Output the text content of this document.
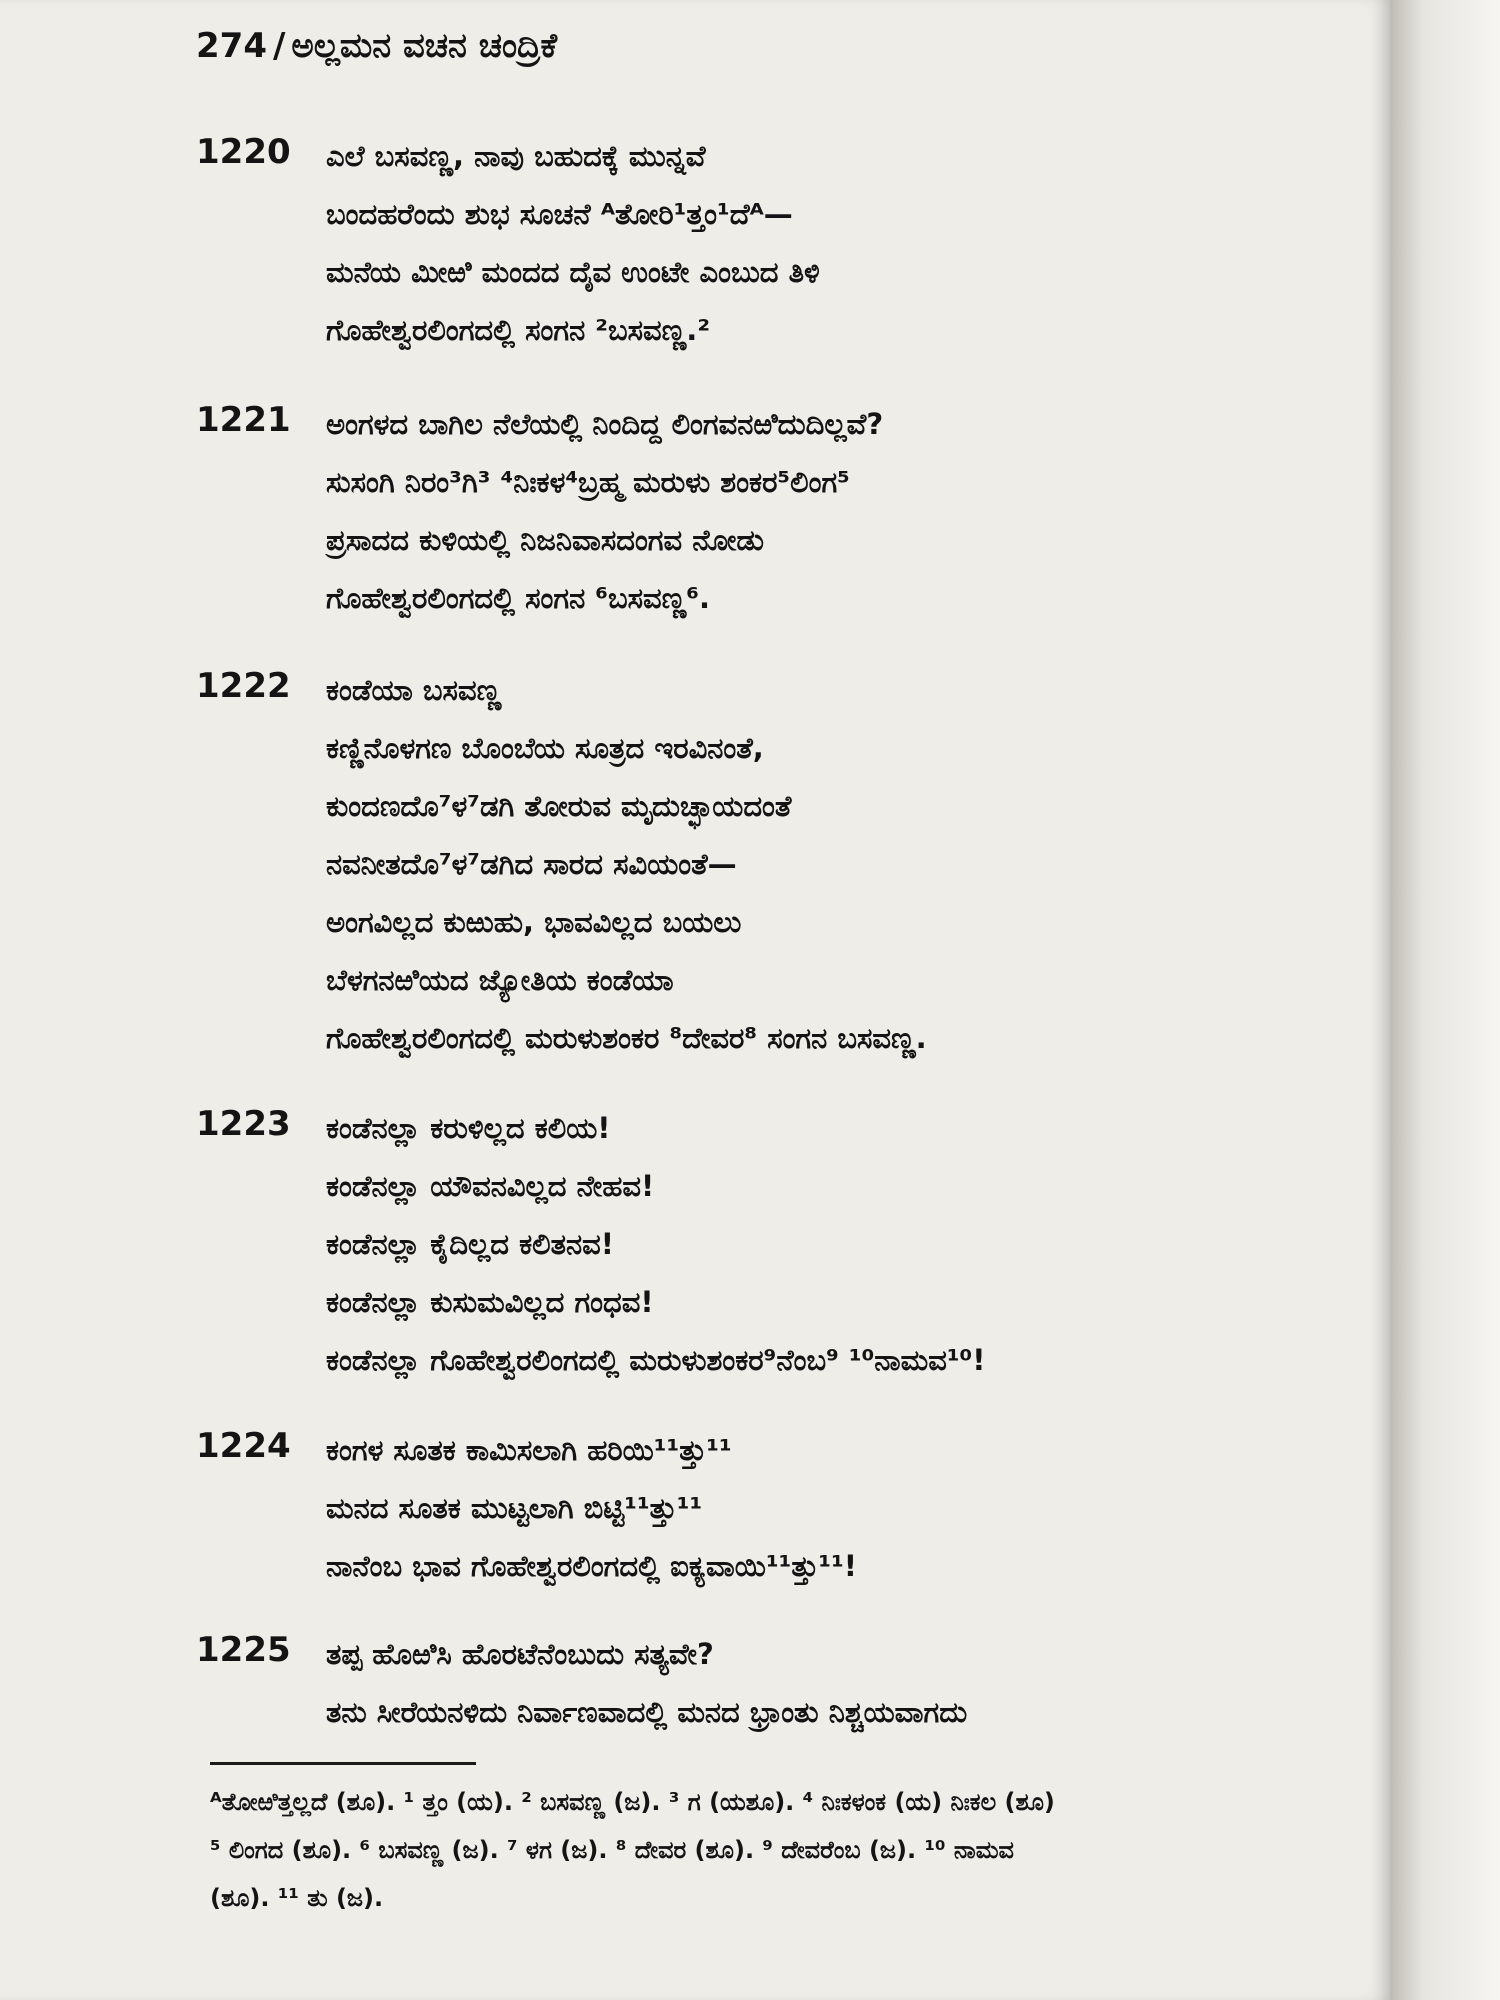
274 / ಅಲ್ಲಮನ ವಚನ ಚಂದ್ರಿಕೆ
1220	ಎಲೆ ಬಸವಣ್ಣ, ನಾವು ಬಹುದಕ್ಕೆ ಮುನ್ನವೆ
ಬಂದಹರೆಂದು ಶುಭ ಸೂಚನೆ ᴬತೋರಿ¹ತ್ತಂ¹ದೆᴬ—
ಮನೆಯ ಮೀಱಿ ಮಂದದ ದೈವ ಉಂಟೇ ಎಂಬುದ ತಿಳಿ
ಗೊಹೇಶ್ವರಲಿಂಗದಲ್ಲಿ ಸಂಗನ ²ಬಸವಣ್ಣ.²
1221	ಅಂಗಳದ ಬಾಗಿಲ ನೆಲೆಯಲ್ಲಿ ನಿಂದಿದ್ದ ಲಿಂಗವನಱಿದುದಿಲ್ಲವೆ?
ಸುಸಂಗಿ ನಿರಂ³ಗಿ³ ⁴ನಿಃಕಳ⁴ಬ್ರಹ್ಮ ಮರುಳು ಶಂಕರ⁵ಲಿಂಗ⁵
ಪ್ರಸಾದದ ಕುಳಿಯಲ್ಲಿ ನಿಜನಿವಾಸದಂಗವ ನೋಡು
ಗೊಹೇಶ್ವರಲಿಂಗದಲ್ಲಿ ಸಂಗನ ⁶ಬಸವಣ್ಣ⁶.
1222	ಕಂಡೆಯಾ ಬಸವಣ್ಣ
ಕಣ್ಣಿನೊಳಗಣ ಬೊಂಬೆಯ ಸೂತ್ರದ ಇರವಿನಂತೆ,
ಕುಂದಣದೊ⁷ಳ⁷ಡಗಿ ತೋರುವ ಮೃದುಚ್ಛಾಯದಂತೆ
ನವನೀತದೊ⁷ಳ⁷ಡಗಿದ ಸಾರದ ಸವಿಯಂತೆ—
ಅಂಗವಿಲ್ಲದ ಕುಱುಹು, ಭಾವವಿಲ್ಲದ ಬಯಲು
ಬೆಳಗನಱಿಯದ ಜ್ಯೋತಿಯ ಕಂಡೆಯಾ
ಗೊಹೇಶ್ವರಲಿಂಗದಲ್ಲಿ ಮರುಳುಶಂಕರ ⁸ದೇವರ⁸ ಸಂಗನ ಬಸವಣ್ಣ.
1223	ಕಂಡೆನಲ್ಲಾ ಕರುಳಿಲ್ಲದ ಕಲಿಯ!
ಕಂಡೆನಲ್ಲಾ ಯೌವನವಿಲ್ಲದ ನೇಹವ!
ಕಂಡೆನಲ್ಲಾ ಕೈದಿಲ್ಲದ ಕಲಿತನವ!
ಕಂಡೆನಲ್ಲಾ ಕುಸುಮವಿಲ್ಲದ ಗಂಧವ!
ಕಂಡೆನಲ್ಲಾ ಗೊಹೇಶ್ವರಲಿಂಗದಲ್ಲಿ ಮರುಳುಶಂಕರ⁹ನೆಂಬ⁹ ¹⁰ನಾಮವ¹⁰!
1224	ಕಂಗಳ ಸೂತಕ ಕಾಮಿಸಲಾಗಿ ಹರಿಯಿ¹¹ತ್ತು¹¹
ಮನದ ಸೂತಕ ಮುಟ್ಟಲಾಗಿ ಬಿಟ್ಟಿ¹¹ತ್ತು¹¹
ನಾನೆಂಬ ಭಾವ ಗೊಹೇಶ್ವರಲಿಂಗದಲ್ಲಿ ಐಕ್ಯವಾಯಿ¹¹ತ್ತು¹¹!
1225	ತಪ್ಪ ಹೊಱಿಸಿ ಹೊರಟೆನೆಂಬುದು ಸತ್ಯವೇ?
ತನು ಸೀರೆಯನಳಿದು ನಿರ್ವಾಣವಾದಲ್ಲಿ ಮನದ ಭ್ರಾಂತು ನಿಶ್ಚಯವಾಗದು
ᴬತೋಱಿತ್ತಲ್ಲದೆ (ಶೂ). ¹ ತ್ತಂ (ಯ). ² ಬಸವಣ್ಣ (ಜ). ³ ಗ (ಯಶೂ). ⁴ ನಿಃಕಳಂಕ (ಯ) ನಿಃಕಲ (ಶೂ)
⁵ ಲಿಂಗದ (ಶೂ). ⁶ ಬಸವಣ್ಣ (ಜ). ⁷ ಳಗ (ಜ). ⁸ ದೇವರ (ಶೂ). ⁹ ದೇವರೆಂಬ (ಜ). ¹⁰ ನಾಮವ
(ಶೂ). ¹¹ ತು (ಜ).
